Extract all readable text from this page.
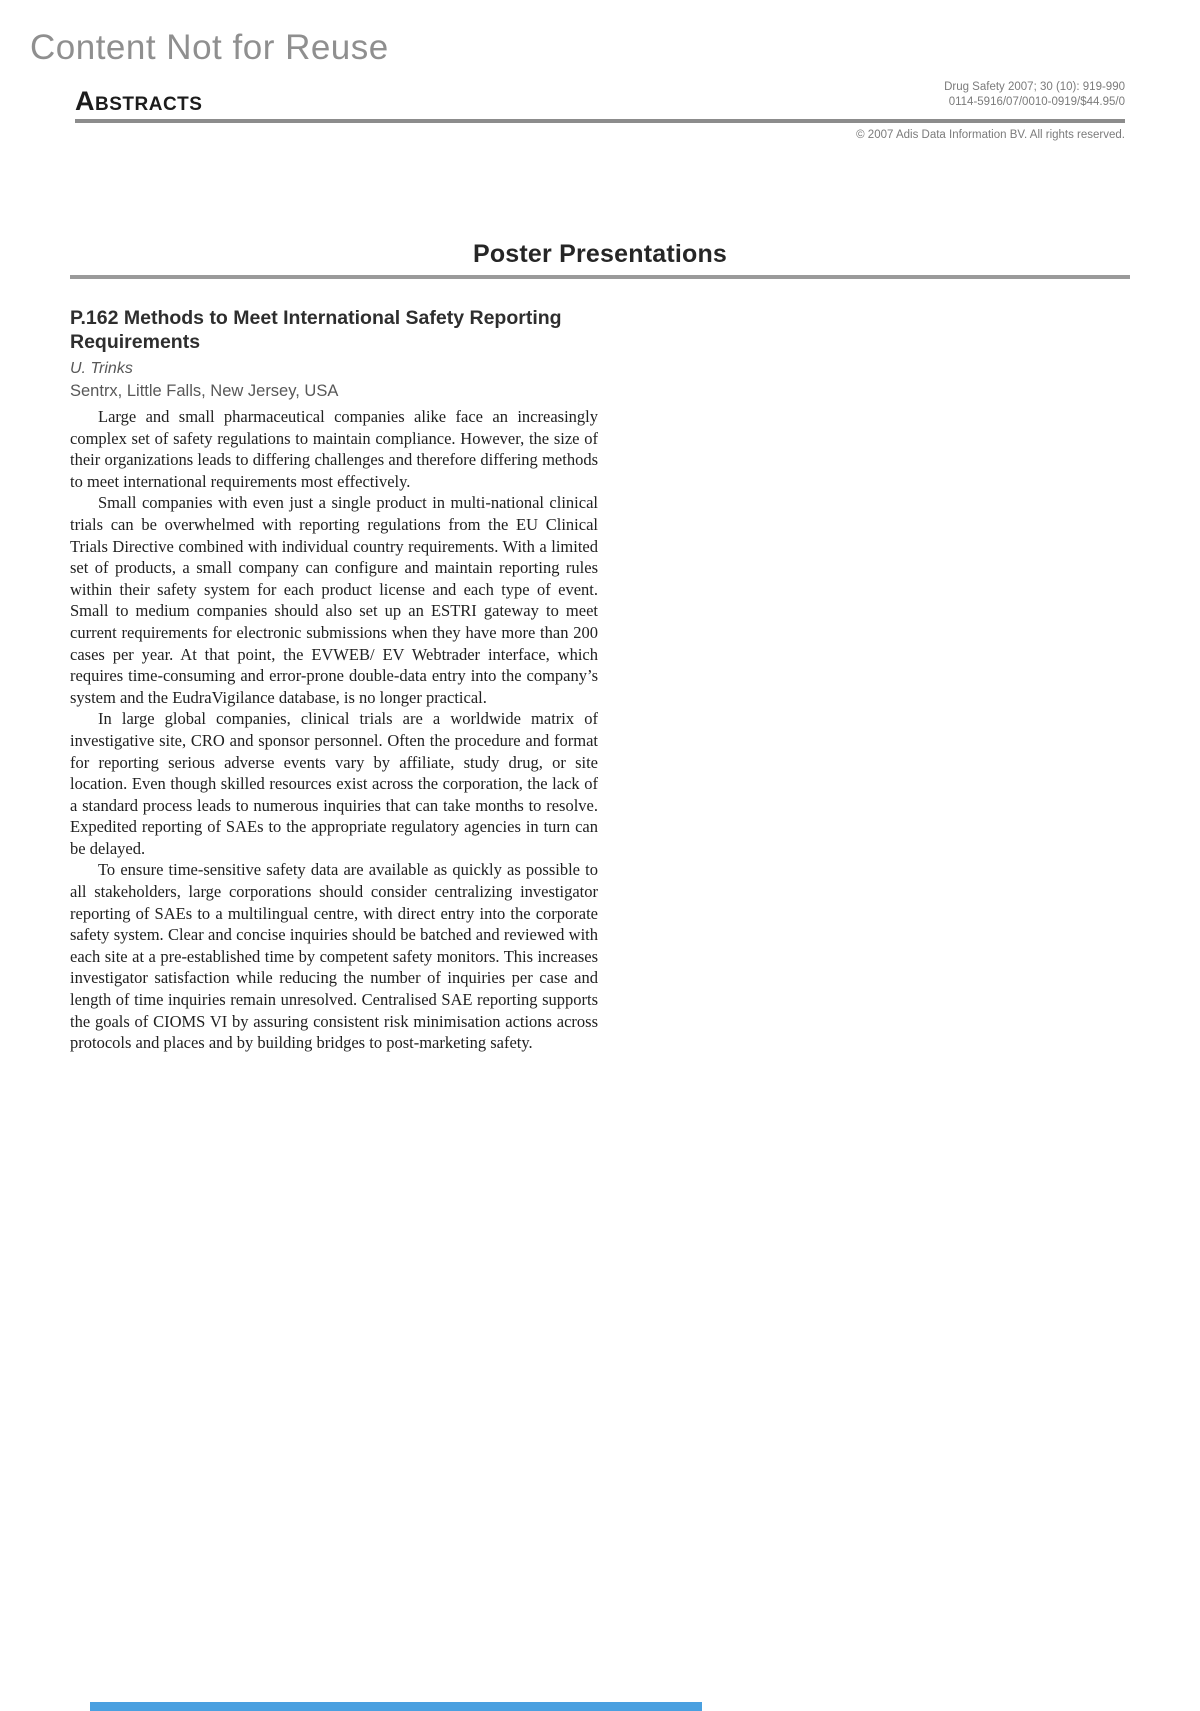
Content Not for Reuse
Abstracts	Drug Safety 2007; 30 (10): 919-990
0114-5916/07/0010-0919/$44.95/0
© 2007 Adis Data Information BV. All rights reserved.
Poster Presentations
P.162 Methods to Meet International Safety Reporting Requirements
U. Trinks
Sentrx, Little Falls, New Jersey, USA

Large and small pharmaceutical companies alike face an increasingly complex set of safety regulations to maintain compliance. However, the size of their organizations leads to differing challenges and therefore differing methods to meet international requirements most effectively.

Small companies with even just a single product in multi-national clinical trials can be overwhelmed with reporting regulations from the EU Clinical Trials Directive combined with individual country requirements. With a limited set of products, a small company can configure and maintain reporting rules within their safety system for each product license and each type of event. Small to medium companies should also set up an ESTRI gateway to meet current requirements for electronic submissions when they have more than 200 cases per year. At that point, the EVWEB/ EV Webtrader interface, which requires time-consuming and error-prone double-data entry into the company’s system and the EudraVigilance database, is no longer practical.

In large global companies, clinical trials are a worldwide matrix of investigative site, CRO and sponsor personnel. Often the procedure and format for reporting serious adverse events vary by affiliate, study drug, or site location. Even though skilled resources exist across the corporation, the lack of a standard process leads to numerous inquiries that can take months to resolve. Expedited reporting of SAEs to the appropriate regulatory agencies in turn can be delayed.

To ensure time-sensitive safety data are available as quickly as possible to all stakeholders, large corporations should consider centralizing investigator reporting of SAEs to a multilingual centre, with direct entry into the corporate safety system. Clear and concise inquiries should be batched and reviewed with each site at a pre-established time by competent safety monitors. This increases investigator satisfaction while reducing the number of inquiries per case and length of time inquiries remain unresolved. Centralised SAE reporting supports the goals of CIOMS VI by assuring consistent risk minimisation actions across protocols and places and by building bridges to post-marketing safety.
